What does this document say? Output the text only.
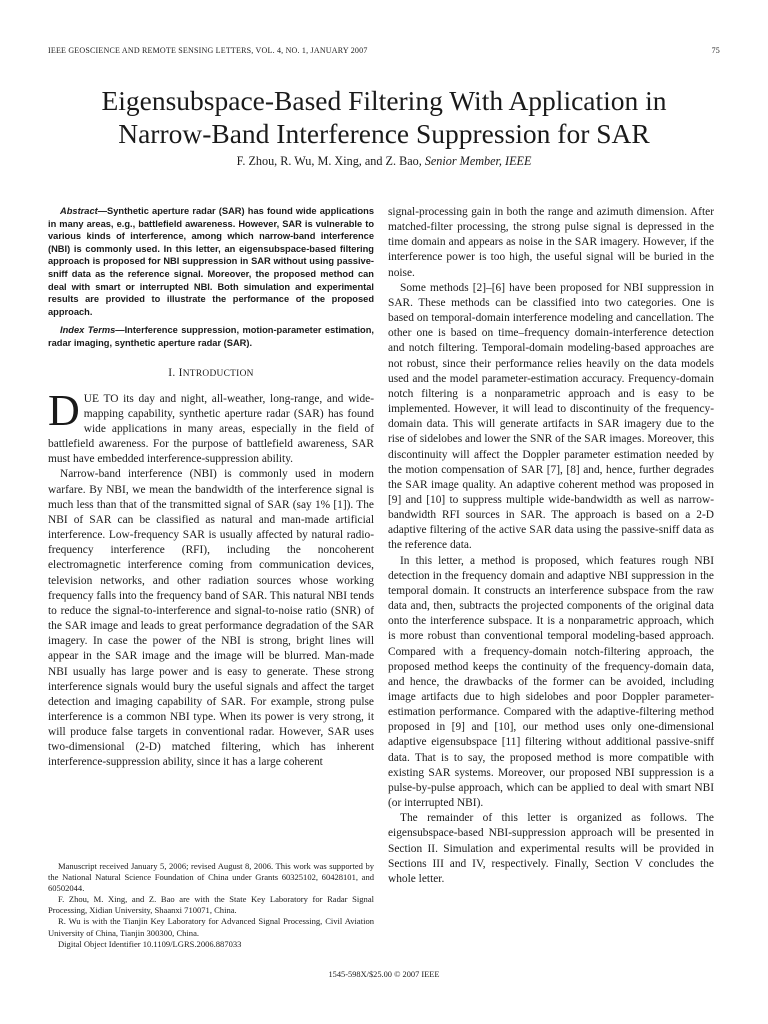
IEEE GEOSCIENCE AND REMOTE SENSING LETTERS, VOL. 4, NO. 1, JANUARY 2007	75
Eigensubspace-Based Filtering With Application in
Narrow-Band Interference Suppression for SAR
F. Zhou, R. Wu, M. Xing, and Z. Bao, Senior Member, IEEE

Abstract—Synthetic aperture radar (SAR) has found wide applications in many areas, e.g., battlefield awareness. However, SAR is vulnerable to various kinds of interference, among which narrow-band interference (NBI) is commonly used. In this letter, an eigensubspace-based filtering approach is proposed for NBI suppression in SAR without using passive-sniff data as the reference signal. Moreover, the proposed method can deal with smart or interrupted NBI. Both simulation and experimental results are provided to illustrate the performance of the proposed approach.

Index Terms—Interference suppression, motion-parameter estimation, radar imaging, synthetic aperture radar (SAR).

I. INTRODUCTION

DUE TO its day and night, all-weather, long-range, and wide-mapping capability, synthetic aperture radar (SAR) has found wide applications in many areas, especially in the field of battlefield awareness. For the purpose of battlefield awareness, SAR must have embedded interference-suppression ability.

Narrow-band interference (NBI) is commonly used in modern warfare. By NBI, we mean the bandwidth of the interference signal is much less than that of the transmitted signal of SAR (say 1% [1]). The NBI of SAR can be classified as natural and man-made artificial interference. Low-frequency SAR is usually affected by natural radio-frequency interference (RFI), including the noncoherent electromagnetic interference coming from communication devices, television networks, and other radiation sources whose working frequency falls into the frequency band of SAR. This natural NBI tends to reduce the signal-to-interference and signal-to-noise ratio (SNR) of the SAR image and leads to great performance degradation of the SAR imagery. In case the power of the NBI is strong, bright lines will appear in the SAR image and the image will be blurred. Man-made NBI usually has large power and is easy to generate. These strong interference signals would bury the useful signals and affect the target detection and imaging capability of SAR. For example, strong pulse interference is a common NBI type. When its power is very strong, it will produce false targets in conventional radar. However, SAR uses two-dimensional (2-D) matched filtering, which has inherent interference-suppression ability, since it has a large coherent

Manuscript received January 5, 2006; revised August 8, 2006. This work was supported by the National Natural Science Foundation of China under Grants 60325102, 60428101, and 60502044.

F. Zhou, M. Xing, and Z. Bao are with the State Key Laboratory for Radar Signal Processing, Xidian University, Shaanxi 710071, China.

R. Wu is with the Tianjin Key Laboratory for Advanced Signal Processing, Civil Aviation University of China, Tianjin 300300, China.

Digital Object Identifier 10.1109/LGRS.2006.887033

signal-processing gain in both the range and azimuth dimension. After matched-filter processing, the strong pulse signal is depressed in the time domain and appears as noise in the SAR imagery. However, if the interference power is too high, the useful signal will be buried in the noise.

Some methods [2]–[6] have been proposed for NBI suppression in SAR. These methods can be classified into two categories. One is based on temporal-domain interference modeling and cancellation. The other one is based on time–frequency domain-interference detection and notch filtering. Temporal-domain modeling-based approaches are not robust, since their performance relies heavily on the data models used and the model parameter-estimation accuracy. Frequency-domain notch filtering is a nonparametric approach and is easy to be implemented. However, it will lead to discontinuity of the frequency-domain data. This will generate artifacts in SAR imagery due to the rise of sidelobes and lower the SNR of the SAR images. Moreover, this discontinuity will affect the Doppler parameter estimation needed by the motion compensation of SAR [7], [8] and, hence, further degrades the SAR image quality. An adaptive coherent method was proposed in [9] and [10] to suppress multiple wide-bandwidth as well as narrow-bandwidth RFI sources in SAR. The approach is based on a 2-D adaptive filtering of the active SAR data using the passive-sniff data as the reference data.

In this letter, a method is proposed, which features rough NBI detection in the frequency domain and adaptive NBI suppression in the temporal domain. It constructs an interference subspace from the raw data and, then, subtracts the projected components of the original data onto the interference subspace. It is a nonparametric approach, which is more robust than conventional temporal modeling-based approach. Compared with a frequency-domain notch-filtering approach, the proposed method keeps the continuity of the frequency-domain data, and hence, the drawbacks of the former can be avoided, including image artifacts due to high sidelobes and poor Doppler parameter-estimation performance. Compared with the adaptive-filtering method proposed in [9] and [10], our method uses only one-dimensional adaptive eigensubspace [11] filtering without additional passive-sniff data. That is to say, the proposed method is more compatible with existing SAR systems. Moreover, our proposed NBI suppression is a pulse-by-pulse approach, which can be applied to deal with smart NBI (or interrupted NBI).

The remainder of this letter is organized as follows. The eigensubspace-based NBI-suppression approach will be presented in Section II. Simulation and experimental results will be provided in Sections III and IV, respectively. Finally, Section V concludes the whole letter.

1545-598X/$25.00 © 2007 IEEE
